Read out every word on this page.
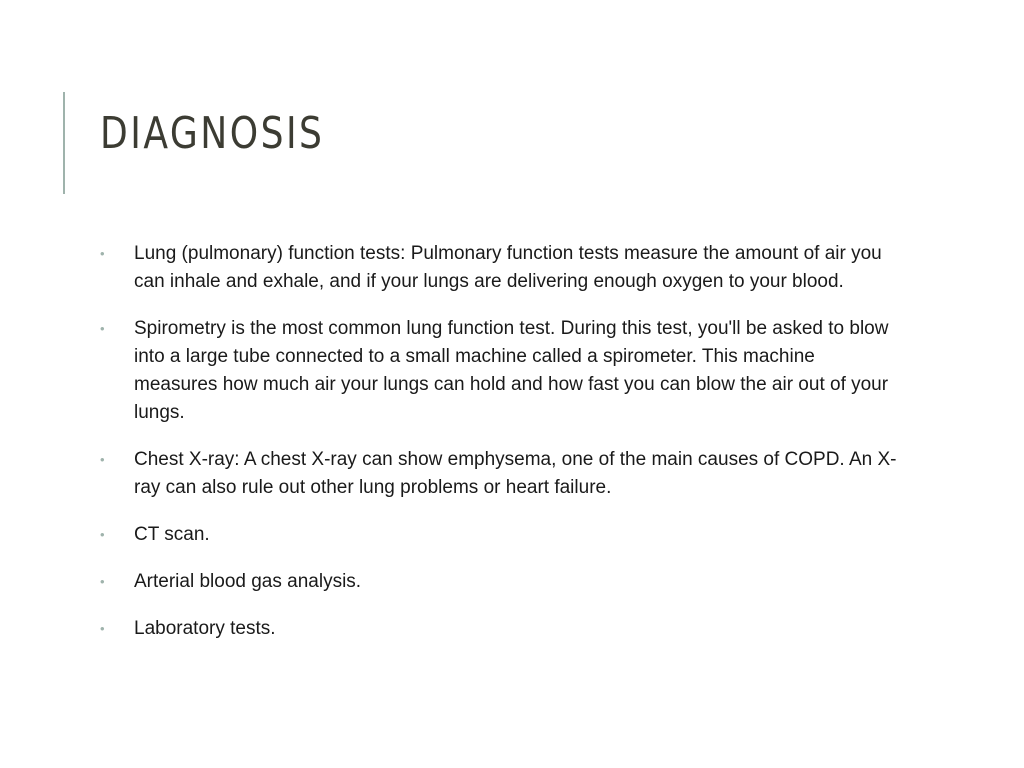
DIAGNOSIS
• Lung (pulmonary) function tests: Pulmonary function tests measure the amount of air you can inhale and exhale, and if your lungs are delivering enough oxygen to your blood.
• Spirometry is the most common lung function test. During this test, you'll be asked to blow into a large tube connected to a small machine called a spirometer. This machine measures how much air your lungs can hold and how fast you can blow the air out of your lungs.
• Chest X-ray: A chest X-ray can show emphysema, one of the main causes of COPD. An X-ray can also rule out other lung problems or heart failure.
• CT scan.
• Arterial blood gas analysis.
• Laboratory tests.
